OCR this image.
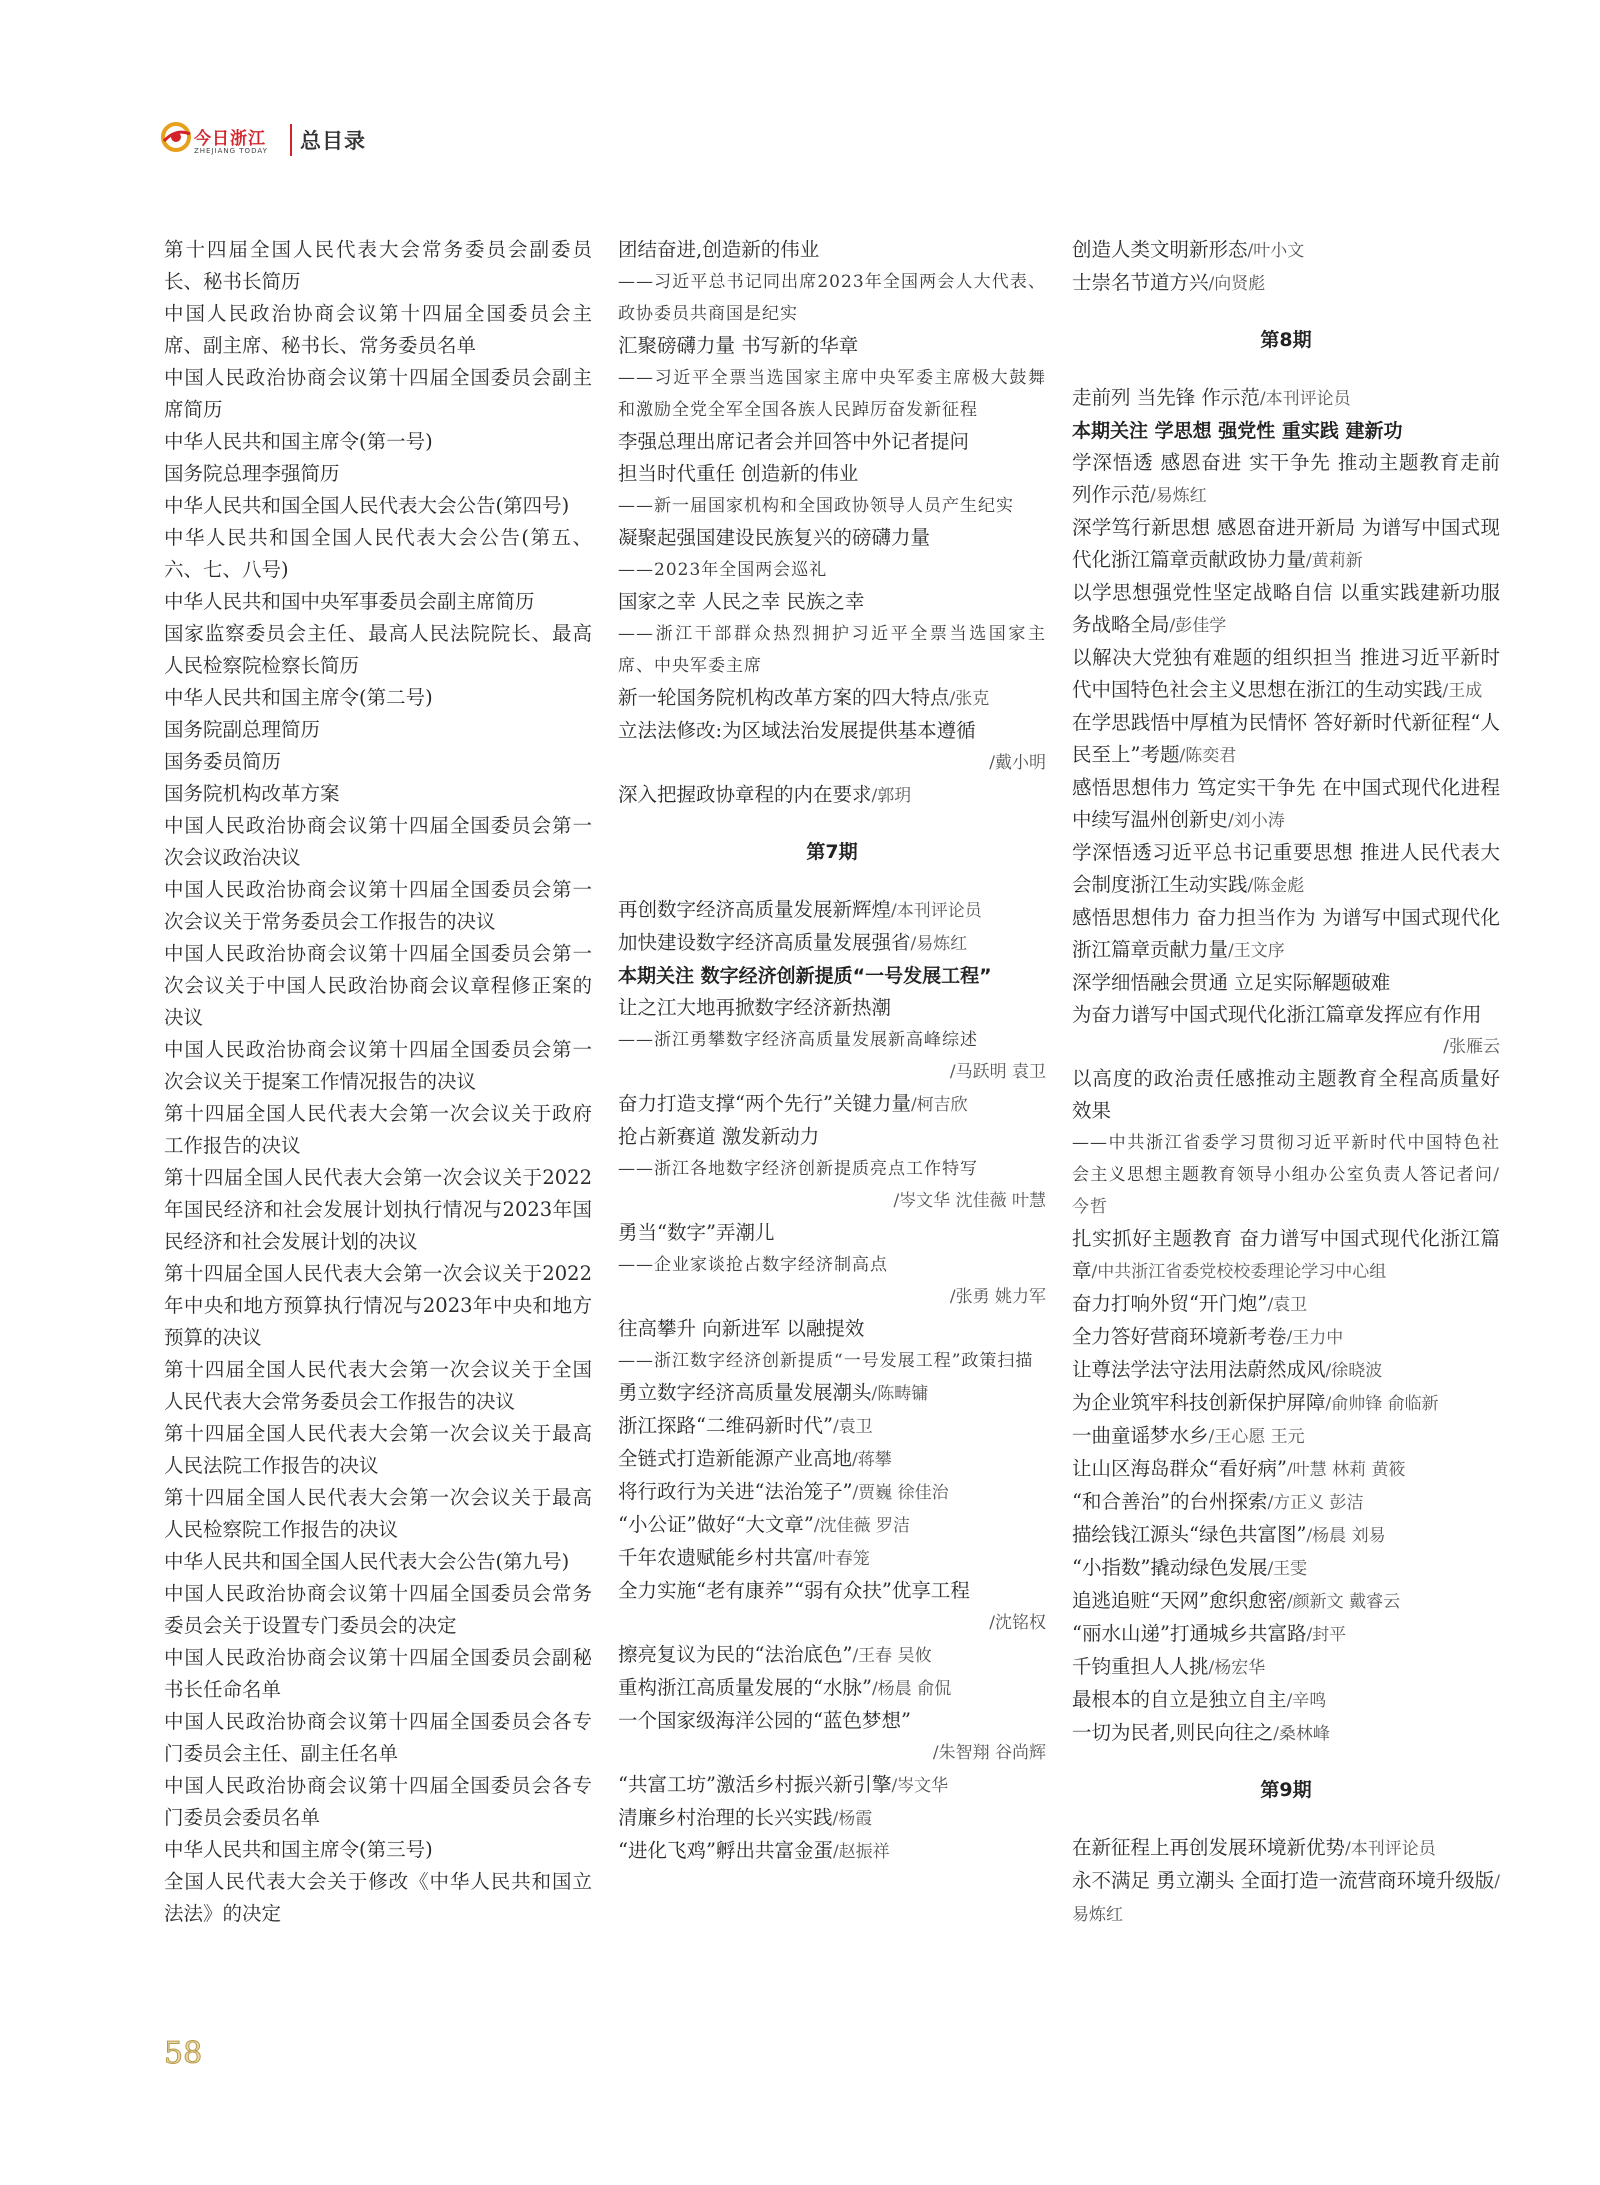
今日浙江
ZHEJIANG TODAY 总目录

第十四届全国人民代表大会常务委员会副委员长、秘书长简历

中国人民政治协商会议第十四届全国委员会主席、副主席、秘书长、常务委员名单

中国人民政治协商会议第十四届全国委员会副主席简历

中华人民共和国主席令(第一号)

国务院总理李强简历

中华人民共和国全国人民代表大会公告(第四号)

中华人民共和国全国人民代表大会公告(第五、六、七、八号)

中华人民共和国中央军事委员会副主席简历

国家监察委员会主任、最高人民法院院长、最高人民检察院检察长简历

中华人民共和国主席令(第二号)

国务院副总理简历

国务委员简历

国务院机构改革方案

中国人民政治协商会议第十四届全国委员会第一次会议政治决议

中国人民政治协商会议第十四届全国委员会第一次会议关于常务委员会工作报告的决议

中国人民政治协商会议第十四届全国委员会第一次会议关于中国人民政治协商会议章程修正案的决议

中国人民政治协商会议第十四届全国委员会第一次会议关于提案工作情况报告的决议

第十四届全国人民代表大会第一次会议关于政府工作报告的决议

第十四届全国人民代表大会第一次会议关于2022年国民经济和社会发展计划执行情况与2023年国民经济和社会发展计划的决议

第十四届全国人民代表大会第一次会议关于2022年中央和地方预算执行情况与2023年中央和地方预算的决议

第十四届全国人民代表大会第一次会议关于全国人民代表大会常务委员会工作报告的决议

第十四届全国人民代表大会第一次会议关于最高人民法院工作报告的决议

第十四届全国人民代表大会第一次会议关于最高人民检察院工作报告的决议

中华人民共和国全国人民代表大会公告(第九号)

中国人民政治协商会议第十四届全国委员会常务委员会关于设置专门委员会的决定

中国人民政治协商会议第十四届全国委员会副秘书长任命名单

中国人民政治协商会议第十四届全国委员会各专门委员会主任、副主任名单

中国人民政治协商会议第十四届全国委员会各专门委员会委员名单

中华人民共和国主席令(第三号)

全国人民代表大会关于修改《中华人民共和国立法法》的决定

团结奋进,创造新的伟业

——习近平总书记同出席2023年全国两会人大代表、政协委员共商国是纪实

汇聚磅礴力量 书写新的华章

——习近平全票当选国家主席中央军委主席极大鼓舞和激励全党全军全国各族人民踔厉奋发新征程

李强总理出席记者会并回答中外记者提问

担当时代重任 创造新的伟业

——新一届国家机构和全国政协领导人员产生纪实

凝聚起强国建设民族复兴的磅礴力量

——2023年全国两会巡礼

国家之幸 人民之幸 民族之幸

——浙江干部群众热烈拥护习近平全票当选国家主席、中央军委主席

新一轮国务院机构改革方案的四大特点/张克

立法法修改:为区域法治发展提供基本遵循

/戴小明

深入把握政协章程的内在要求/郭玥

第7期

再创数字经济高质量发展新辉煌/本刊评论员

加快建设数字经济高质量发展强省/易炼红

本期关注 数字经济创新提质“一号发展工程”

让之江大地再掀数字经济新热潮

——浙江勇攀数字经济高质量发展新高峰综述

/马跃明 袁卫

奋力打造支撑“两个先行”关键力量/柯吉欣

抢占新赛道 激发新动力

——浙江各地数字经济创新提质亮点工作特写

/岑文华 沈佳薇 叶慧

勇当“数字”弄潮儿

——企业家谈抢占数字经济制高点

/张勇 姚力军

往高攀升 向新进军 以融提效

——浙江数字经济创新提质“一号发展工程”政策扫描

勇立数字经济高质量发展潮头/陈畴镛

浙江探路“二维码新时代”/袁卫

全链式打造新能源产业高地/蒋攀

将行政行为关进“法治笼子”/贾巍 徐佳治

“小公证”做好“大文章”/沈佳薇 罗洁

千年农遗赋能乡村共富/叶春笼

全力实施“老有康养”“弱有众扶”优享工程

/沈铭权

擦亮复议为民的“法治底色”/王春 吴攸

重构浙江高质量发展的“水脉”/杨晨 俞侃

一个国家级海洋公园的“蓝色梦想”

/朱智翔 谷尚辉

“共富工坊”激活乡村振兴新引擎/岑文华

清廉乡村治理的长兴实践/杨霞

“进化飞鸡”孵出共富金蛋/赵振祥

创造人类文明新形态/叶小文

士崇名节道方兴/向贤彪

第8期

走前列 当先锋 作示范/本刊评论员

本期关注 学思想 强党性 重实践 建新功

学深悟透 感恩奋进 实干争先 推动主题教育走前列作示范/易炼红

深学笃行新思想 感恩奋进开新局 为谱写中国式现代化浙江篇章贡献政协力量/黄莉新

以学思想强党性坚定战略自信 以重实践建新功服务战略全局/彭佳学

以解决大党独有难题的组织担当 推进习近平新时代中国特色社会主义思想在浙江的生动实践/王成

在学思践悟中厚植为民情怀 答好新时代新征程“人民至上”考题/陈奕君

感悟思想伟力 笃定实干争先 在中国式现代化进程中续写温州创新史/刘小涛

学深悟透习近平总书记重要思想 推进人民代表大会制度浙江生动实践/陈金彪

感悟思想伟力 奋力担当作为 为谱写中国式现代化浙江篇章贡献力量/王文序

深学细悟融会贯通 立足实际解题破难

为奋力谱写中国式现代化浙江篇章发挥应有作用

/张雁云

以高度的政治责任感推动主题教育全程高质量好效果

——中共浙江省委学习贯彻习近平新时代中国特色社会主义思想主题教育领导小组办公室负责人答记者问/今哲

扎实抓好主题教育 奋力谱写中国式现代化浙江篇章/中共浙江省委党校校委理论学习中心组

奋力打响外贸“开门炮”/袁卫

全力答好营商环境新考卷/王力中

让尊法学法守法用法蔚然成风/徐晓波

为企业筑牢科技创新保护屏障/俞帅锋 俞临新

一曲童谣梦水乡/王心愿 王元

让山区海岛群众“看好病”/叶慧 林莉 黄筱

“和合善治”的台州探索/方正义 彭洁

描绘钱江源头“绿色共富图”/杨晨 刘易

“小指数”撬动绿色发展/王雯

追逃追赃“天网”愈织愈密/颜新文 戴睿云

“丽水山递”打通城乡共富路/封平

千钧重担人人挑/杨宏华

最根本的自立是独立自主/辛鸣

一切为民者,则民向往之/桑林峰

第9期

在新征程上再创发展环境新优势/本刊评论员

永不满足 勇立潮头 全面打造一流营商环境升级版/易炼红

58
